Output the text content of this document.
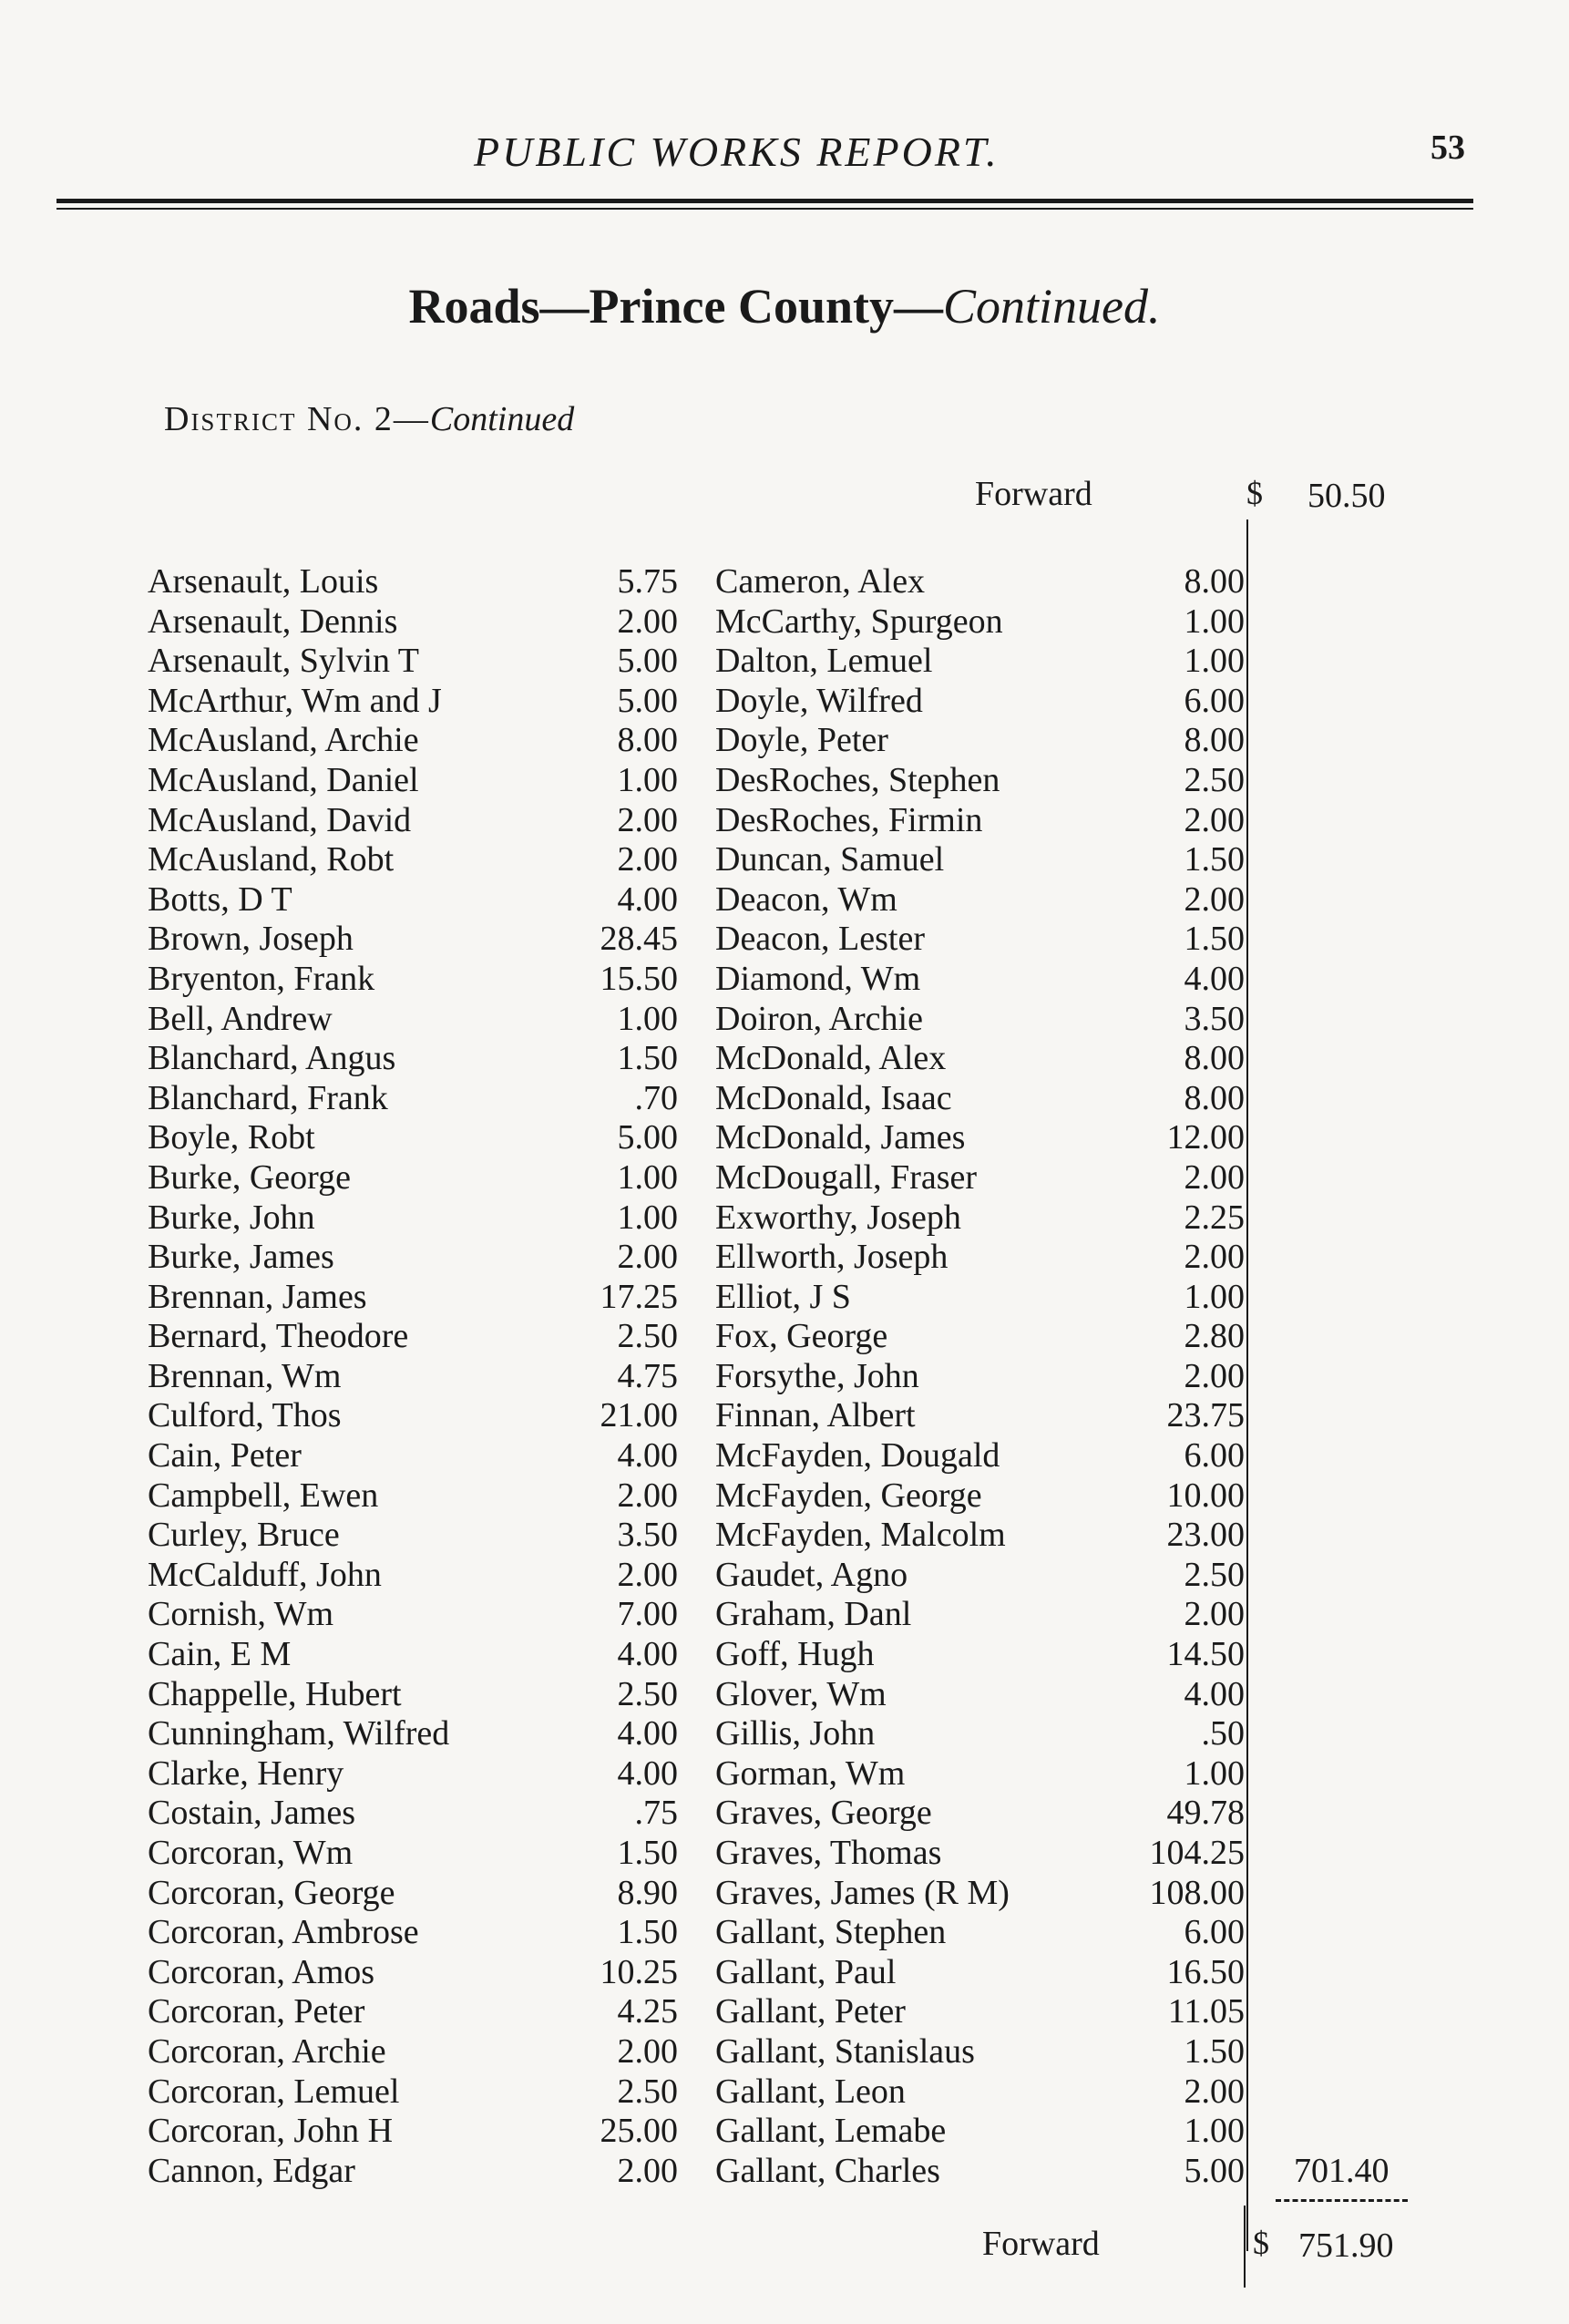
PUBLIC WORKS REPORT.	53
Roads—Prince County—Continued.
District No. 2—Continued
Forward	$ 50.50
Arsenault, Louis	5.75
Arsenault, Dennis	2.00
Arsenault, Sylvin T	5.00
McArthur, Wm and J	5.00
McAusland, Archie	8.00
McAusland, Daniel	1.00
McAusland, David	2.00
McAusland, Robt	2.00
Botts, D T	4.00
Brown, Joseph	28.45
Bryenton, Frank	15.50
Bell, Andrew	1.00
Blanchard, Angus	1.50
Blanchard, Frank	.70
Boyle, Robt	5.00
Burke, George	1.00
Burke, John	1.00
Burke, James	2.00
Brennan, James	17.25
Bernard, Theodore	2.50
Brennan, Wm	4.75
Culford, Thos	21.00
Cain, Peter	4.00
Campbell, Ewen	2.00
Curley, Bruce	3.50
McCalduff, John	2.00
Cornish, Wm	7.00
Cain, E M	4.00
Chappelle, Hubert	2.50
Cunningham, Wilfred	4.00
Clarke, Henry	4.00
Costain, James	.75
Corcoran, Wm	1.50
Corcoran, George	8.90
Corcoran, Ambrose	1.50
Corcoran, Amos	10.25
Corcoran, Peter	4.25
Corcoran, Archie	2.00
Corcoran, Lemuel	2.50
Corcoran, John H	25.00
Cannon, Edgar	2.00
Cameron, Alex	8.00
McCarthy, Spurgeon	1.00
Dalton, Lemuel	1.00
Doyle, Wilfred	6.00
Doyle, Peter	8.00
DesRoches, Stephen	2.50
DesRoches, Firmin	2.00
Duncan, Samuel	1.50
Deacon, Wm	2.00
Deacon, Lester	1.50
Diamond, Wm	4.00
Doiron, Archie	3.50
McDonald, Alex	8.00
McDonald, Isaac	8.00
McDonald, James	12.00
McDougall, Fraser	2.00
Exworthy, Joseph	2.25
Ellworth, Joseph	2.00
Elliot, J S	1.00
Fox, George	2.80
Forsythe, John	2.00
Finnan, Albert	23.75
McFayden, Dougald	6.00
McFayden, George	10.00
McFayden, Malcolm	23.00
Gaudet, Agno	2.50
Graham, Danl	2.00
Goff, Hugh	14.50
Glover, Wm	4.00
Gillis, John	.50
Gorman, Wm	1.00
Graves, George	49.78
Graves, Thomas	104.25
Graves, James (R M)	108.00
Gallant, Stephen	6.00
Gallant, Paul	16.50
Gallant, Peter	11.05
Gallant, Stanislaus	1.50
Gallant, Leon	2.00
Gallant, Lemabe	1.00
Gallant, Charles	5.00 701.40
Forward	$ 751.90
